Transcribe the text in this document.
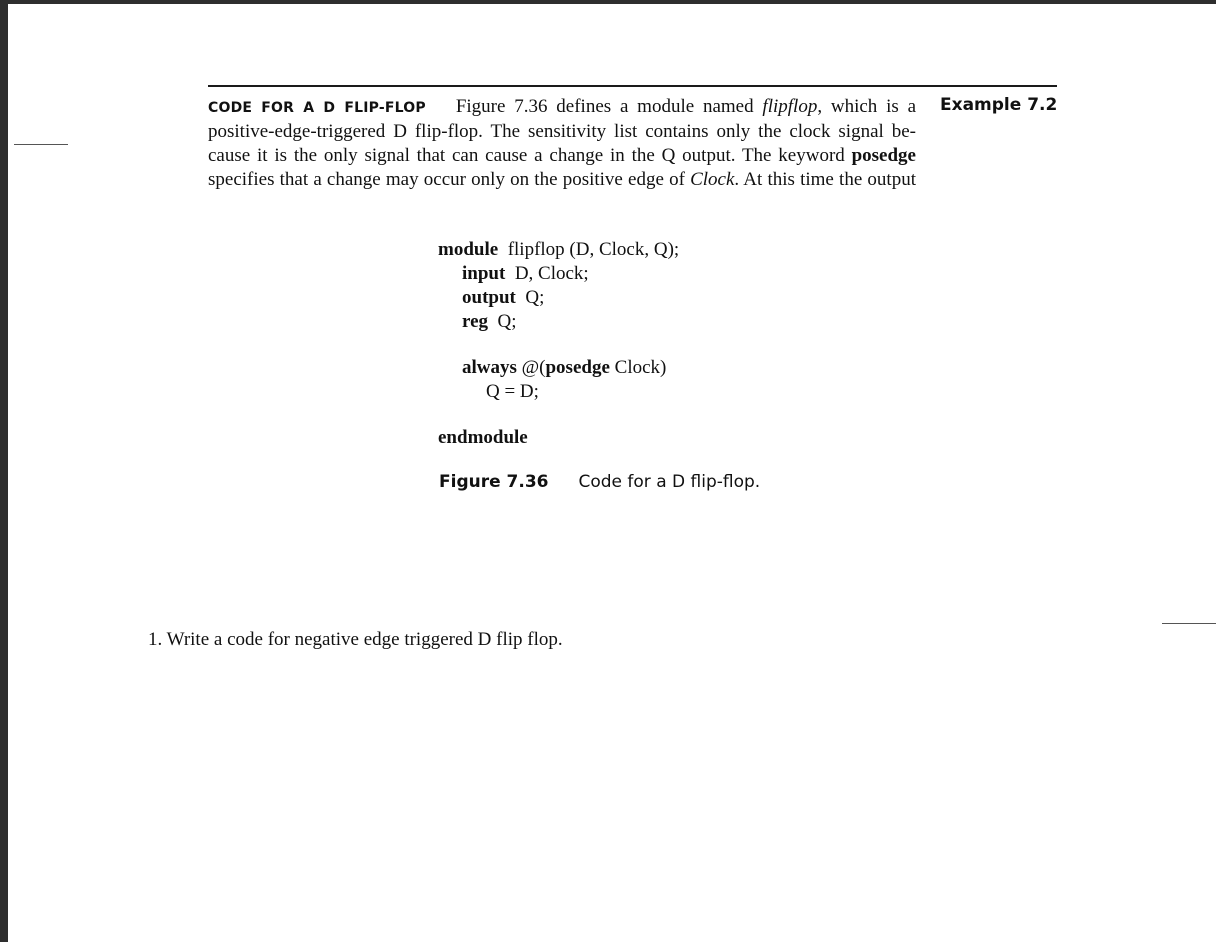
Example 7.2
CODE FOR A D FLIP-FLOP Figure 7.36 defines a module named flipflop, which is a
positive-edge-triggered D flip-flop. The sensitivity list contains only the clock signal be-
cause it is the only signal that can cause a change in the Q output. The keyword posedge
specifies that a change may occur only on the positive edge of Clock. At this time the output
module flipflop (D, Clock, Q);
input D, Clock;
output Q;
reg Q;
always @(posedge Clock)
Q = D;
endmodule
Figure 7.36 Code for a D flip-flop.
1. Write a code for negative edge triggered D flip flop.
